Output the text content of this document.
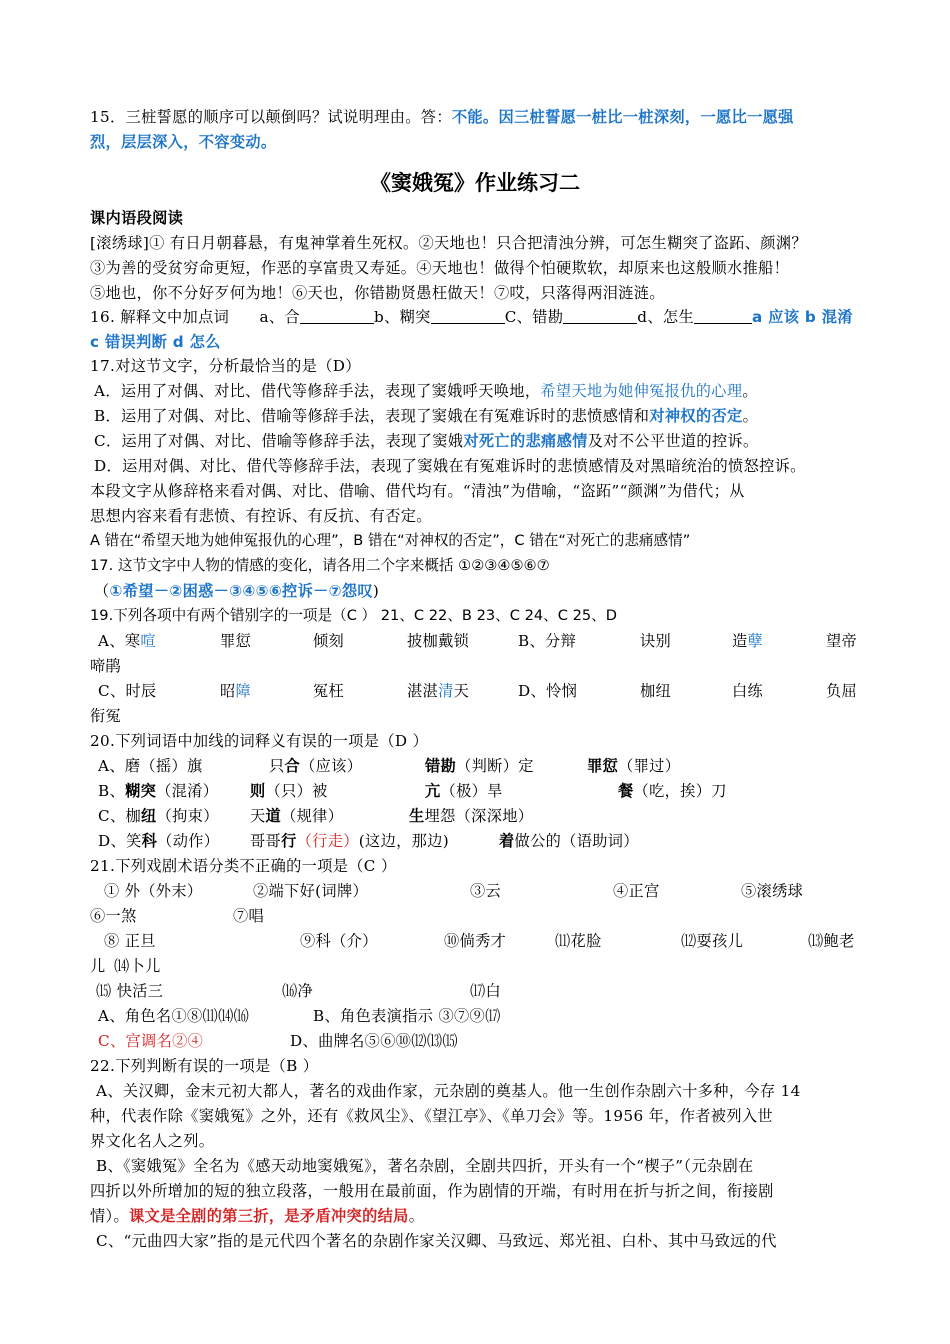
15．三桩誓愿的顺序可以颠倒吗？试说明理由。答：不能。因三桩誓愿一桩比一桩深刻，一愿比一愿强
烈，层层深入，不容变动。
《窦娥冤》作业练习二
课内语段阅读
[滚绣球]① 有日月朝暮悬，有鬼神掌着生死权。②天地也！只合把清浊分辨，可怎生糊突了盗跖、颜渊？
③为善的受贫穷命更短，作恶的享富贵又寿延。④天地也！做得个怕硬欺软，却原来也这般顺水推船！
⑤地也，你不分好歹何为地！⑥天也，你错勘贤愚枉做天！⑦哎，只落得两泪涟涟。
16. 解释文中加点词 a、合	b、糊突	C、错勘	d、怎生	a 应该 b 混淆
c 错误判断 d 怎么
17.对这节文字，分析最恰当的是（D）
A．运用了对偶、对比、借代等修辞手法，表现了窦娥呼天唤地，希望天地为她伸冤报仇的心理。
B．运用了对偶、对比、借喻等修辞手法，表现了窦娥在有冤难诉时的悲愤感情和对神权的否定。
C．运用了对偶、对比、借喻等修辞手法，表现了窦娥对死亡的悲痛感情及对不公平世道的控诉。
D．运用对偶、对比、借代等修辞手法，表现了窦娥在有冤难诉时的悲愤感情及对黑暗统治的愤怒控诉。
本段文字从修辞格来看对偶、对比、借喻、借代均有。“清浊”为借喻，“盗跖”“颜渊”为借代；从
思想内容来看有悲愤、有控诉、有反抗、有否定。
A 错在“希望天地为她伸冤报仇的心理”，B 错在“对神权的否定”，C 错在“对死亡的悲痛感情”
17. 这节文字中人物的情感的变化，请各用二个字来概括 ①②③④⑤⑥⑦
（①希望－②困惑－③④⑤⑥控诉－⑦怨叹)
19.下列各项中有两个错别字的一项是（C ） 21、C 22、B 23、C 24、C 25、D
A、寒喧	罪愆	倾刻	披枷戴锁	B、分辩	诀别	造孽	望帝
啼鹃
C、时辰	昭障	冤枉	湛湛清天	D、怜悯	枷纽	白练	负屈
衔冤
20.下列词语中加线的词释义有误的一项是（D ）
A、磨（摇）旗	只合（应该）	错勘（判断）定	罪愆（罪过）
B、糊突（混淆） 则（只）被	亢（极）旱	餐（吃，挨）刀
C、枷纽（拘束） 天道（规律）	生埋怨（深深地）
D、笑科（动作） 哥哥行（行走）(这边，那边)	着做公的（语助词）
21.下列戏剧术语分类不正确的一项是（C ）
① 外（外末）	②端下好(词牌）	③云	④正宫	⑤滚绣球
⑥一煞	⑦唱
⑧ 正旦	⑨科（介）	⑩倘秀才	⑾花脸	⑿耍孩儿	⒀鲍老
儿 ⒁卜儿
⒂ 快活三	⒃净	⒄白
A、角色名①⑧⑾⒁⒃	B、角色表演指示 ③⑦⑨⒄
C、宫调名②④	D、曲牌名⑤⑥⑩⑿⒀⒂
22.下列判断有误的一项是（B ）
A、关汉卿，金末元初大都人，著名的戏曲作家，元杂剧的奠基人。他一生创作杂剧六十多种，今存 14
种，代表作除《窦娥冤》之外，还有《救风尘》、《望江亭》、《单刀会》等。1956 年，作者被列入世
界文化名人之列。
B、《窦娥冤》全名为《感天动地窦娥冤》，著名杂剧，全剧共四折，开头有一个“楔子”（元杂剧在
四折以外所增加的短的独立段落，一般用在最前面，作为剧情的开端，有时用在折与折之间，衔接剧
情）。课文是全剧的第三折，是矛盾冲突的结局。
C、“元曲四大家”指的是元代四个著名的杂剧作家关汉卿、马致远、郑光祖、白朴、其中马致远的代
